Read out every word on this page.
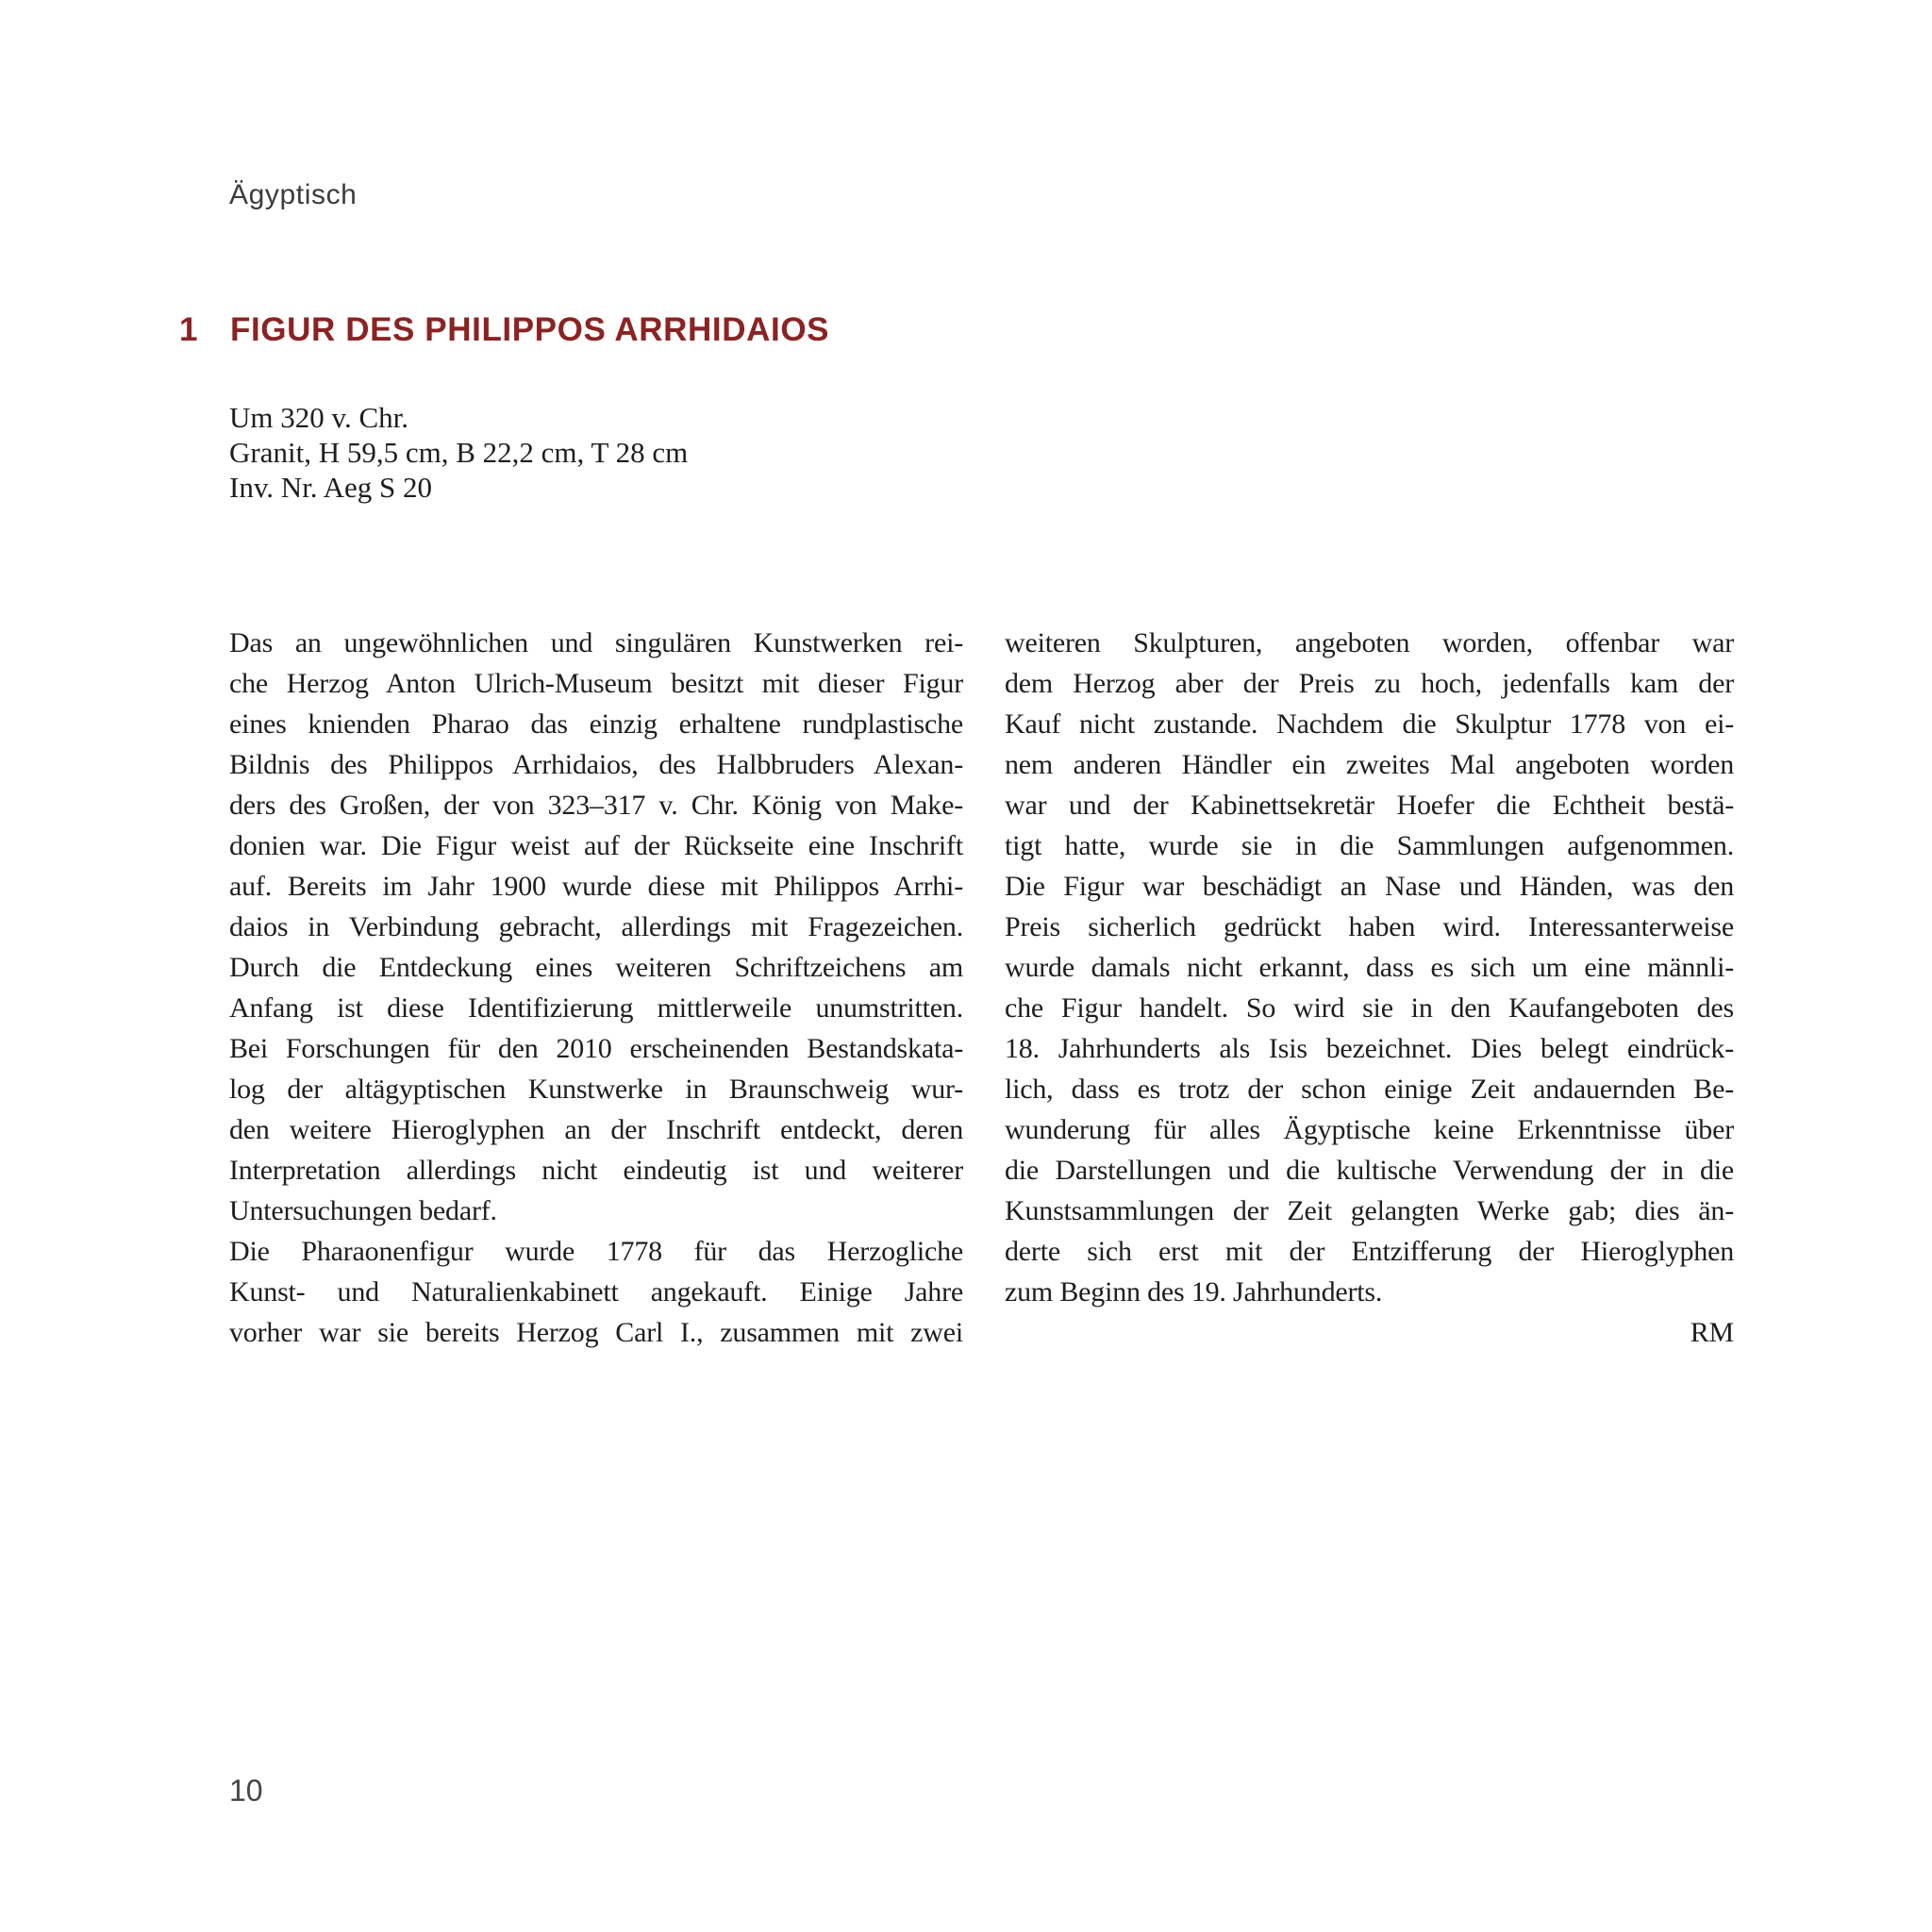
Ägyptisch
1 FIGUR DES PHILIPPOS ARRHIDAIOS
Um 320 v. Chr.
Granit, H 59,5 cm, B 22,2 cm, T 28 cm
Inv. Nr. Aeg S 20
Das an ungewöhnlichen und singulären Kunstwerken rei-
che Herzog Anton Ulrich-Museum besitzt mit dieser Figur
eines knienden Pharao das einzig erhaltene rundplastische
Bildnis des Philippos Arrhidaios, des Halbbruders Alexan-
ders des Großen, der von 323–317 v. Chr. König von Make-
donien war. Die Figur weist auf der Rückseite eine Inschrift
auf. Bereits im Jahr 1900 wurde diese mit Philippos Arrhi-
daios in Verbindung gebracht, allerdings mit Fragezeichen.
Durch die Entdeckung eines weiteren Schriftzeichens am
Anfang ist diese Identifizierung mittlerweile unumstritten.
Bei Forschungen für den 2010 erscheinenden Bestandskata-
log der altägyptischen Kunstwerke in Braunschweig wur-
den weitere Hieroglyphen an der Inschrift entdeckt, deren
Interpretation allerdings nicht eindeutig ist und weiterer
Untersuchungen bedarf.
Die Pharaonenfigur wurde 1778 für das Herzogliche
Kunst- und Naturalienkabinett angekauft. Einige Jahre
vorher war sie bereits Herzog Carl I., zusammen mit zwei
weiteren Skulpturen, angeboten worden, offenbar war
dem Herzog aber der Preis zu hoch, jedenfalls kam der
Kauf nicht zustande. Nachdem die Skulptur 1778 von ei-
nem anderen Händler ein zweites Mal angeboten worden
war und der Kabinettsekretär Hoefer die Echtheit bestä-
tigt hatte, wurde sie in die Sammlungen aufgenommen.
Die Figur war beschädigt an Nase und Händen, was den
Preis sicherlich gedrückt haben wird. Interessanterweise
wurde damals nicht erkannt, dass es sich um eine männli-
che Figur handelt. So wird sie in den Kaufangeboten des
18. Jahrhunderts als Isis bezeichnet. Dies belegt eindrück-
lich, dass es trotz der schon einige Zeit andauernden Be-
wunderung für alles Ägyptische keine Erkenntnisse über
die Darstellungen und die kultische Verwendung der in die
Kunstsammlungen der Zeit gelangten Werke gab; dies än-
derte sich erst mit der Entzifferung der Hieroglyphen
zum Beginn des 19. Jahrhunderts.
RM
10
